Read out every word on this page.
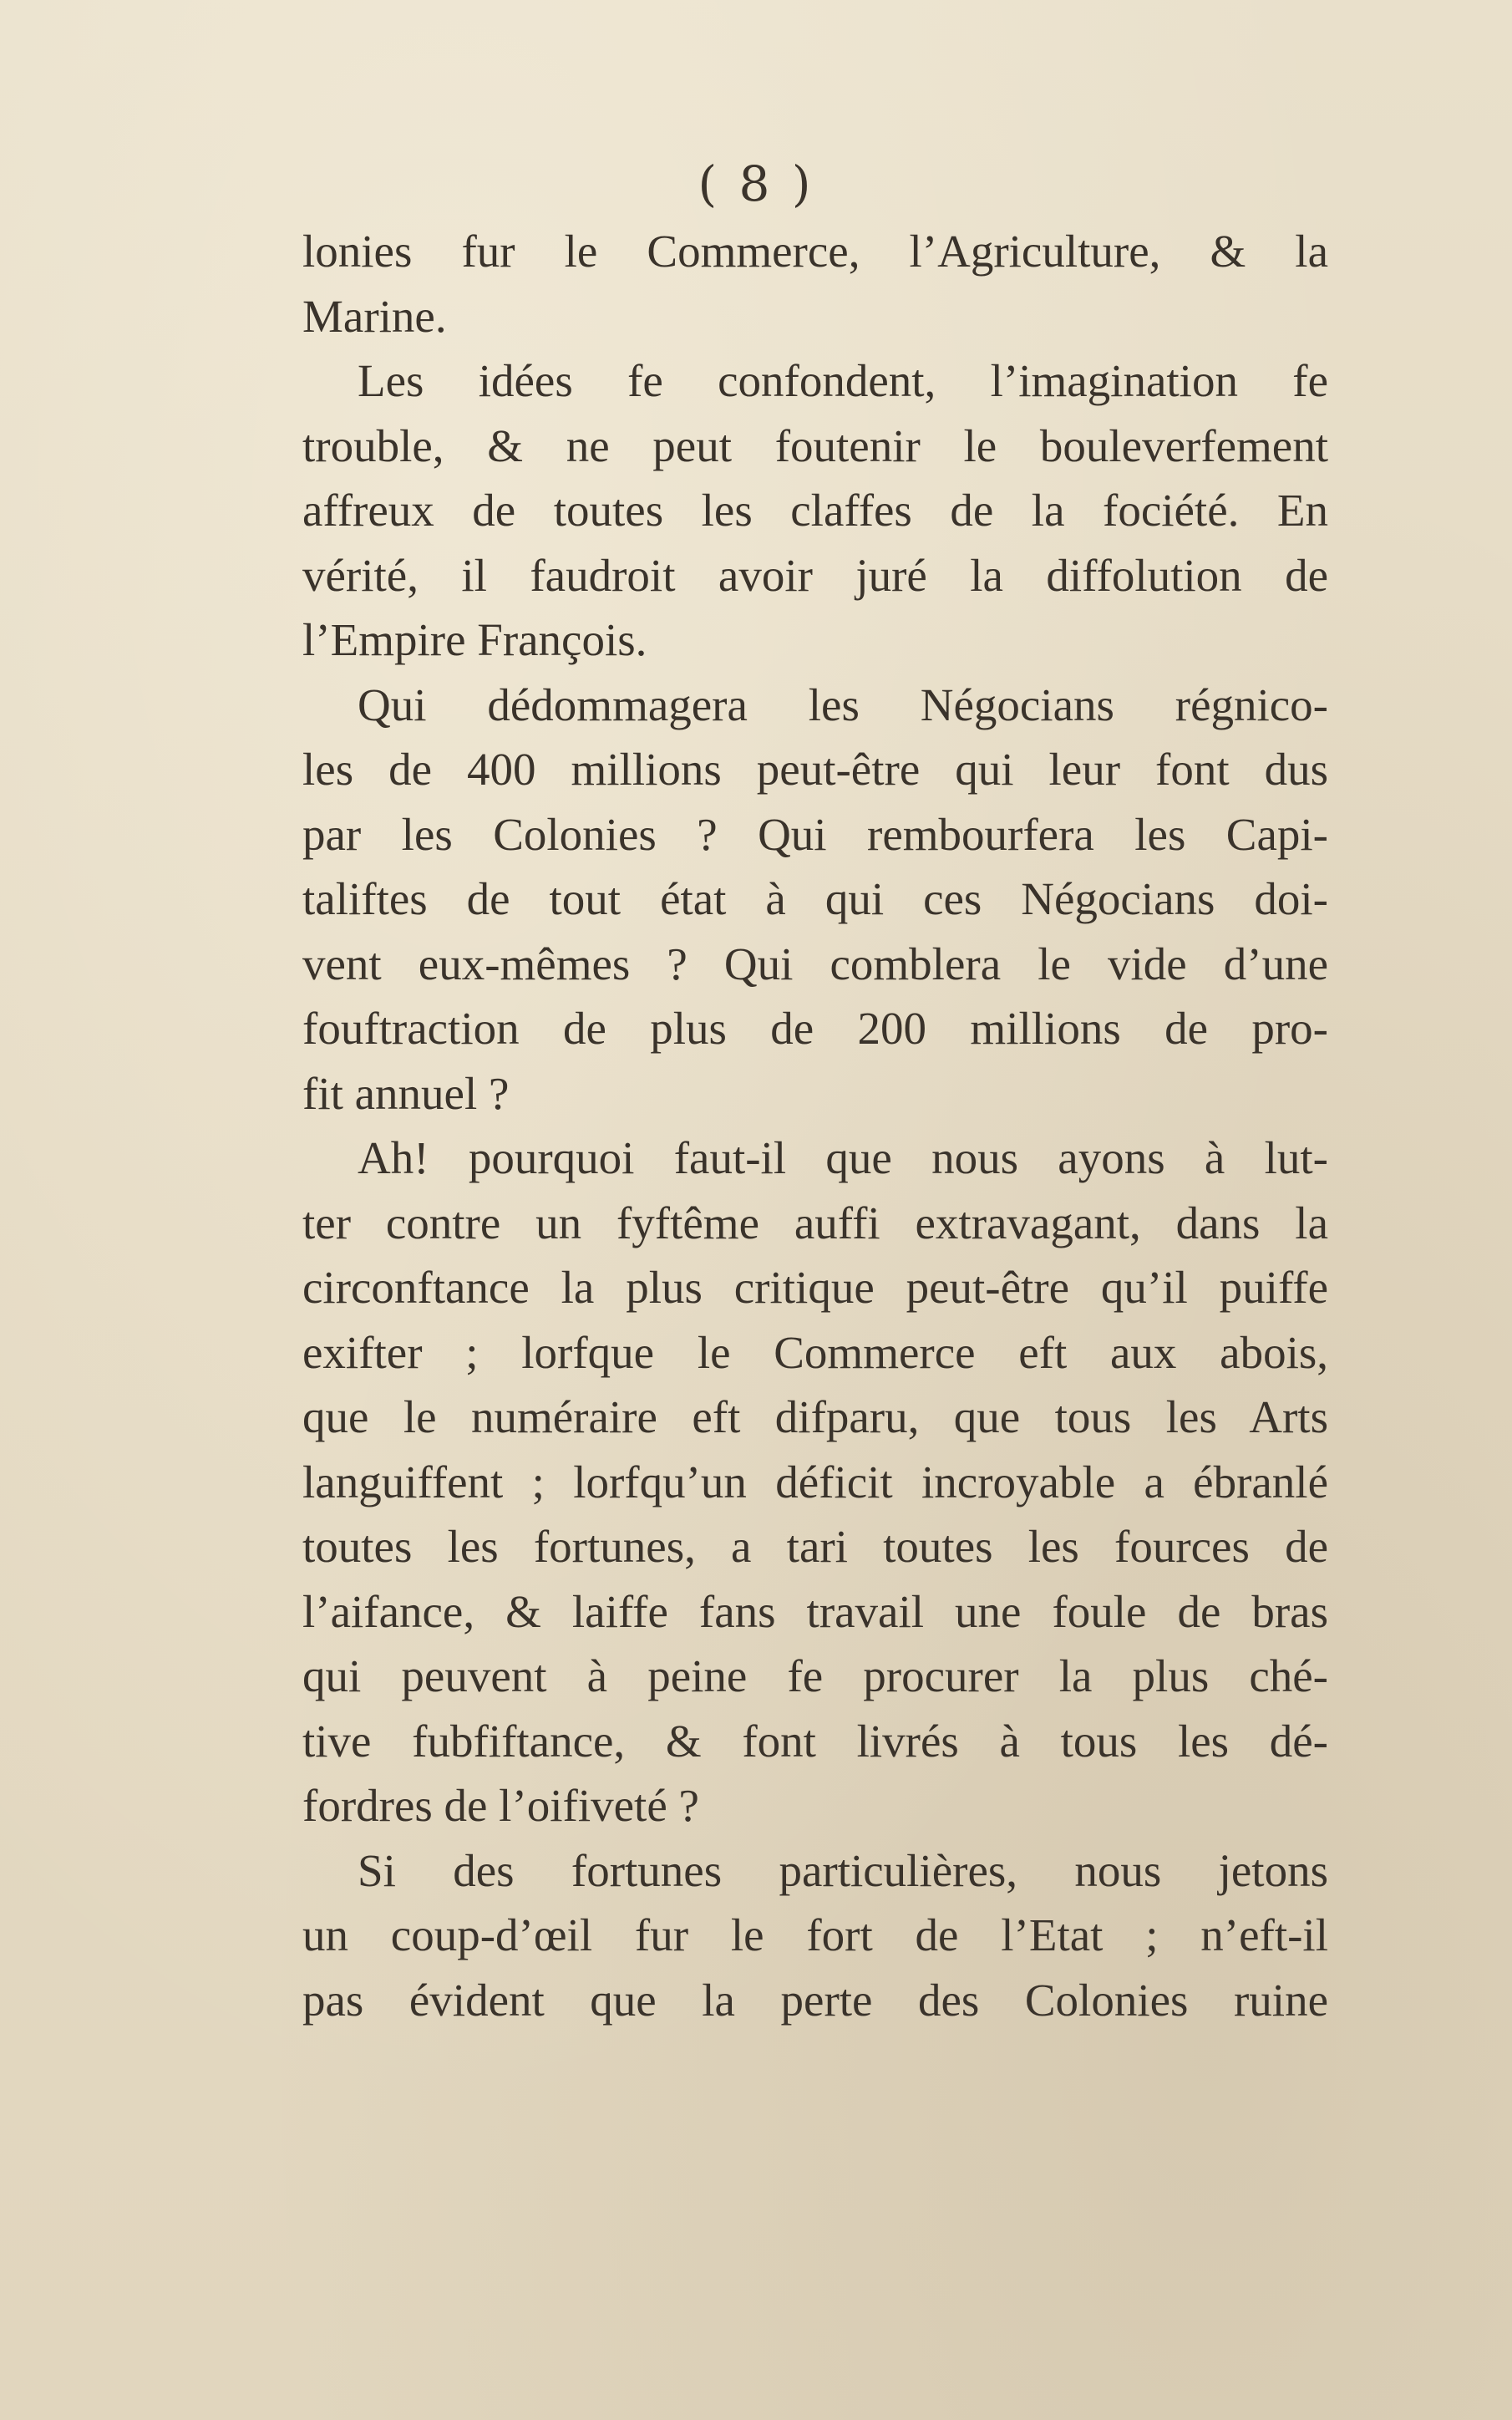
( 8 )
lonies fur le Commerce, l’Agriculture, & la
Marine.
Les idées fe confondent, l’imagination fe
trouble, & ne peut foutenir le bouleverfement
affreux de toutes les claffes de la fociété. En
vérité, il faudroit avoir juré la diffolution de
l’Empire François.
Qui dédommagera les Négocians régnico-
les de 400 millions peut-être qui leur font dus
par les Colonies ? Qui rembourfera les Capi-
taliftes de tout état à qui ces Négocians doi-
vent eux-mêmes ? Qui comblera le vide d’une
fouftraction de plus de 200 millions de pro-
fit annuel ?
Ah! pourquoi faut-il que nous ayons à lut-
ter contre un fyftême auffi extravagant, dans la
circonftance la plus critique peut-être qu’il puiffe
exifter ; lorfque le Commerce eft aux abois,
que le numéraire eft difparu, que tous les Arts
languiffent ; lorfqu’un déficit incroyable a ébranlé
toutes les fortunes, a tari toutes les fources de
l’aifance, & laiffe fans travail une foule de bras
qui peuvent à peine fe procurer la plus ché-
tive fubfiftance, & font livrés à tous les dé-
fordres de l’oifiveté ?
Si des fortunes particulières, nous jetons
un coup-d’œil fur le fort de l’Etat ; n’eft-il
pas évident que la perte des Colonies ruine
